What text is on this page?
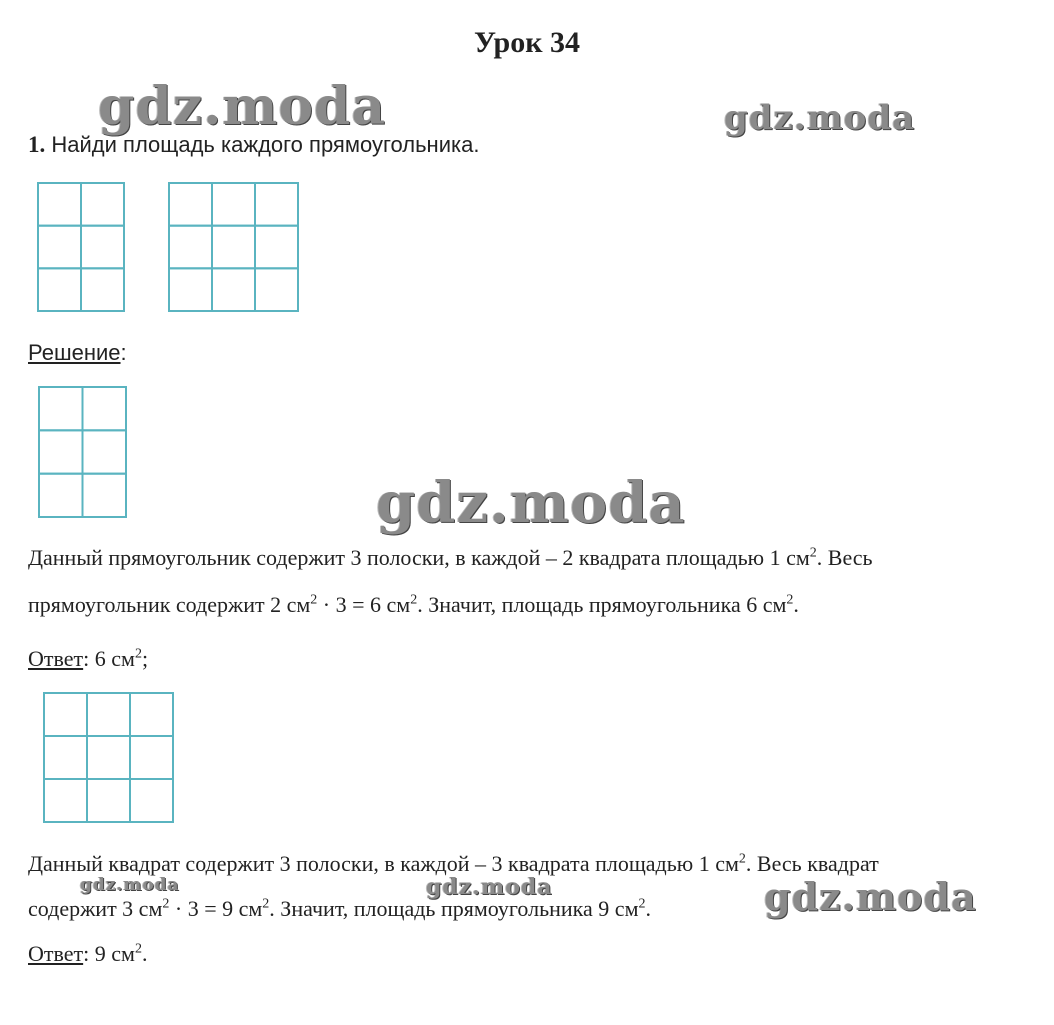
Урок 34
gdz.moda	gdz.moda
gdz.moda
gdz.moda	gdz.moda	gdz.moda
1. Найди площадь каждого прямоугольника.
Решение:
Данный прямоугольник содержит 3 полоски, в каждой – 2 квадрата площадью 1 $см^2$. Весь
прямоугольник содержит 2 $см^2 \cdot 3 = 6$ $см^2$. Значит, площадь прямоугольника 6 $см^2$.
Ответ: 6 $см^2$;
Данный квадрат содержит 3 полоски, в каждой – 3 квадрата площадью 1 $см^2$. Весь квадрат
содержит 3 $см^2 \cdot 3 = 9$ $см^2$. Значит, площадь прямоугольника 9 $см^2$.
Ответ: 9 $см^2$.
